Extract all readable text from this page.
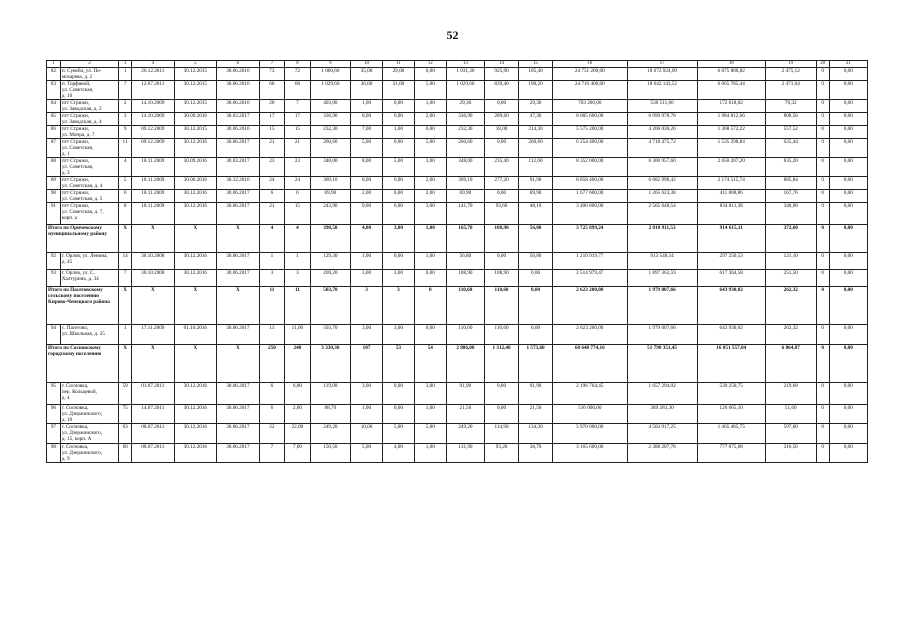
52
1	2	3	4	5	6	7	8	9	10	11	12	13	14	15	16	17	18	19	20	21
82	п. Сувейл, ул. По-
мскарева, д. 2	1	26.12.2011	30.12.2015	30.06.2016	73	72	1 060,60	35,00	29,00	6,00	1 031,30	925,90	105,40	24 751 200,00	18 672 924,09	6 075 800,82	2 475,12	0	0,00
83	п. Торфяной,
ул. Советская,
д. 10	7	12.07.2011	30.12.2015	30.06.2016	68	68	1 029,60	36,00	31,00	5,00	1 029,60	839,40	190,20	24 710 400,00	18 642 143,52	6 065 785,44	2 471,04	0	0,00
84	пгт Стрижи,
ул. Заводская, д. 2	2	14.10.2009	30.12.2015	30.06.2016	28	7	403,00	1,00	0,00	1,00	29,30	0,00	29,30	703 200,00	530 511,66	172 618,02	70,32	0	0,00
85	пгт Стрижи,
ул. Заводская, д. 4	3	14.10.2009	30.09.2016	30.03.2017	17	17	336,90	8,00	6,00	2,00	336,90	289,60	47,30	8 085 600,00	6 099 978,78	1 984 812,66	808,56	0	0,00
86	пгт Стрижи,
ул. Мопра, д. 7	9	09.12.2009	30.12.2015	30.06.2016	15	15	232,30	7,00	1,00	6,00	232,30	18,00	214,30	5 575 200,00	4 206 030,26	1 368 572,22	557,52	0	0,00
87	пгт Стрижи,
ул. Советская,
д. 1	11	09.12.2009	30.12.2016	30.06.2017	21	21	260,60	5,00	0,00	5,00	260,60	0,00	260,60	6 254 400,00	4 718 475,72	1 535 298,84	625,44	0	0,00
88	пгт Стрижи,
ул. Советская,
д. 3	4	18.11.2009	30.09.2016	30.03.2017	23	23	348,00	8,00	5,00	3,00	348,00	235,40	112,60	8 352 000,00	6 300 957,60	2 050 207,20	835,20	0	0,00
89	пгт Стрижи,
ул. Советская, д. 4	5	18.11.2009	30.06.2016	30.12.2016	24	24	369,10	8,00	6,00	2,00	369,10	277,20	91,90	8 858 400,00	6 682 998,42	2 174 515,74	885,84	0	0,00
90	пгт Стрижи,
ул. Советская, д. 5	6	18.11.2009	30.12.2016	30.06.2017	6	6	69,90	2,00	0,00	2,00	69,90	0,00	69,90	1 677 600,00	1 265 623,38	411 808,86	167,76	0	0,00
91	пгт Стрижи,
ул. Советская, д. 7,
корп. а	8	18.11.2009	30.12.2016	30.06.2017	21	15	243,90	9,00	6,00	3,00	141,70	93,60	48,10	3 400 800,00	2 565 648,54	834 811,38	340,08	0	0,00
Итого по Оричевскому муниципальному району		X	X	X	X	4	4	398,50	4,00	3,00	1,00	165,70	108,90	56,80	3 725 899,24	2 810 911,53	914 615,11	372,60	0	0,00
92	г. Орлов, ул. Ленина,
д. 45	14	30.10.2008	30.12.2016	30.06.2017	1	1	129,30	1,00	0,00	1,00	56,80	0,00	56,80	1 210 919,77	913 548,14	297 250,53	121,10	0	0,00
93	г. Орлов, ул. С.
Халтурина, д. 34	7	30.10.2008	30.12.2016	30.06.2017	3	3	269,20	3,00	3,00	0,00	108,90	108,90	0,00	2 514 979,47	1 897 362,59	617 364,58	251,50	0	0,00
Итого по Пасеговскому сельскому поселению Кирово-Чепецкого района		X	X	X	X	11	11	503,70	3	3	0	110,60	110,60	0,00	2 623 200,00	1 979 007,66	643 930,02	262,32	0	0,00
94	с. Пасегово,
ул. Школьная, д. 25	1	17.11.2009	01.10.2016	30.06.2017	11	11,00	503,70	3,00	3,00	0,00	110,60	110,60	0,00	2 623 200,00	1 979 007,66	643 930,02	262,32	0	0,00
Итого по Сосновскому городскому поселению		X	X	X	X	250	240	3 330,30	107	53	54	2 886,00	1 312,40	1 573,60	68 648 774,16	51 790 351,45	16 851 557,84	6 864,87	0	0,00
95	г. Сосновка,
пер. Кольцевой,
д. 4	59	01.07.2011	30.12.2016	30.06.2017	6	6,00	119,00	3,00	0,00	3,00	91,90	0,00	91,90	2 196 764,45	1 657 294,02	539 250,75	219,68	0	0,00
96	г. Сосновка,
ул. Дзержинского,
д. 10	75	14.07.2011	30.12.2016	30.06.2017	6	2,00	88,70	1,00	0,00	1,00	21,50	0,00	21,50	516 000,00	389 283,30	126 665,10	51,60	0	0,00
97	г. Сосновка,
ул. Дзержинского,
д. 15, корп. А	63	08.07.2011	30.12.2016	30.06.2017	22	22,00	249,20	10,00	5,00	5,00	249,20	114,90	134,30	5 970 000,00	4 503 917,25	1 465 485,75	597,00	0	0,00
98	г. Сосновка,
ул. Дзержинского,
д. 9	60	08.07.2011	30.12.2016	30.06.2017	7	7,00	150,50	5,00	4,00	1,00	131,90	93,20	38,70	3 165 600,00	2 388 207,78	777 075,08	316,56	0	0,00
